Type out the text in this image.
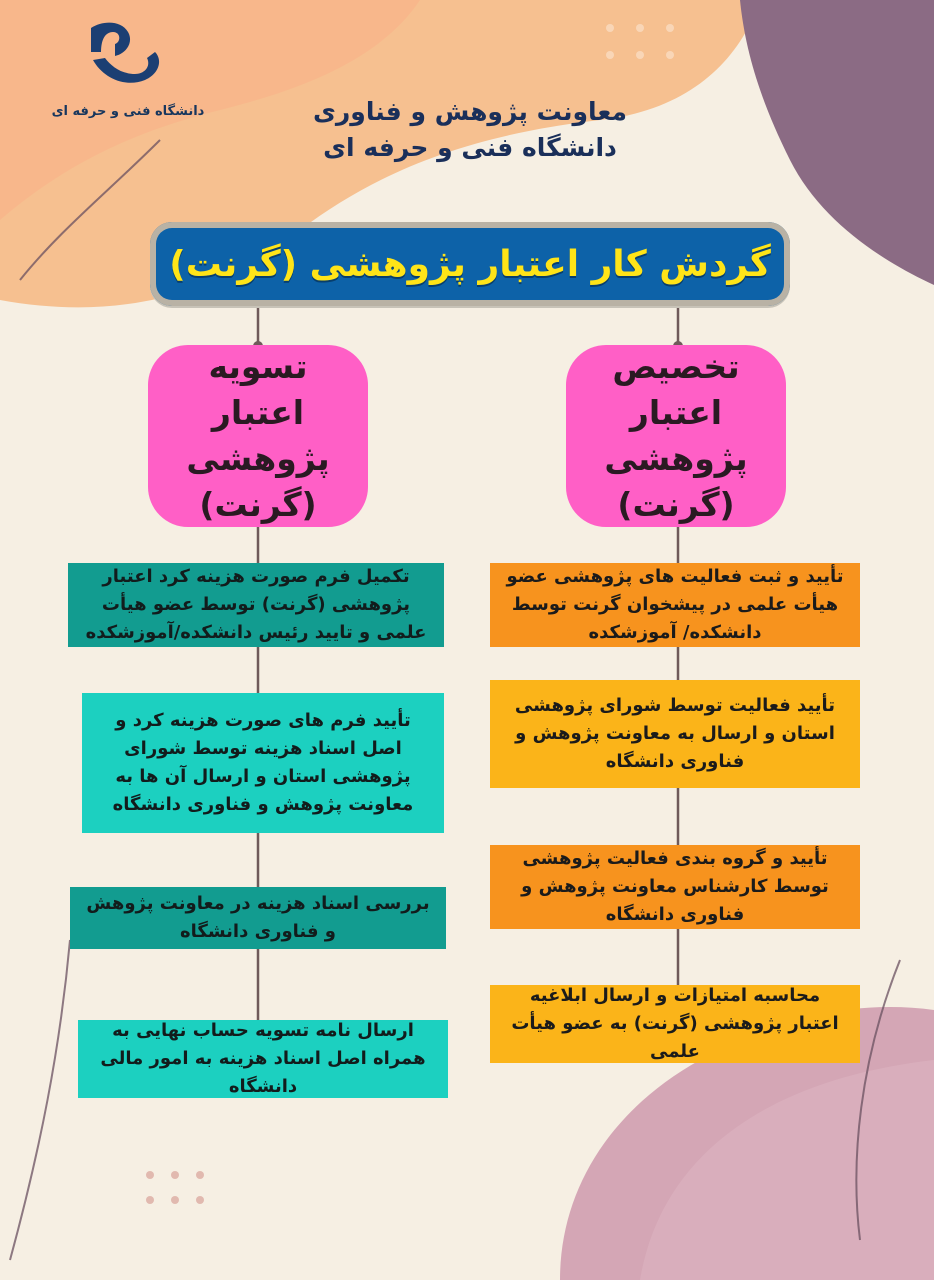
دانشگاه فنی و حرفه ای	معاونت پژوهش و فناوری
دانشگاه فنی و حرفه ای
گردش کار اعتبار پژوهشی (گرنت)
تخصیص
اعتبار پژوهشی
(گرنت)
تسویه
اعتبار پژوهشی
(گرنت)
تأیید و ثبت فعالیت های پژوهشی عضو هیأت علمی در پیشخوان گرنت توسط دانشکده/ آموزشکده
تأیید فعالیت توسط شورای پژوهشی استان و ارسال به معاونت پژوهش و فناوری دانشگاه
تأیید و گروه بندی فعالیت پژوهشی توسط کارشناس معاونت پژوهش و فناوری دانشگاه
محاسبه امتیازات و ارسال ابلاغیه اعتبار پژوهشی (گرنت) به عضو هیأت علمی
تکمیل فرم صورت هزینه کرد اعتبار پژوهشی (گرنت) توسط عضو هیأت علمی و تایید رئیس دانشکده/آموزشکده
تأیید فرم های صورت هزینه کرد و اصل اسناد هزینه توسط شورای پژوهشی استان و ارسال آن ها به معاونت پژوهش و فناوری دانشگاه
بررسی اسناد هزینه در معاونت پژوهش و فناوری دانشگاه
ارسال نامه تسویه حساب نهایی به همراه اصل اسناد هزینه به امور مالی دانشگاه
